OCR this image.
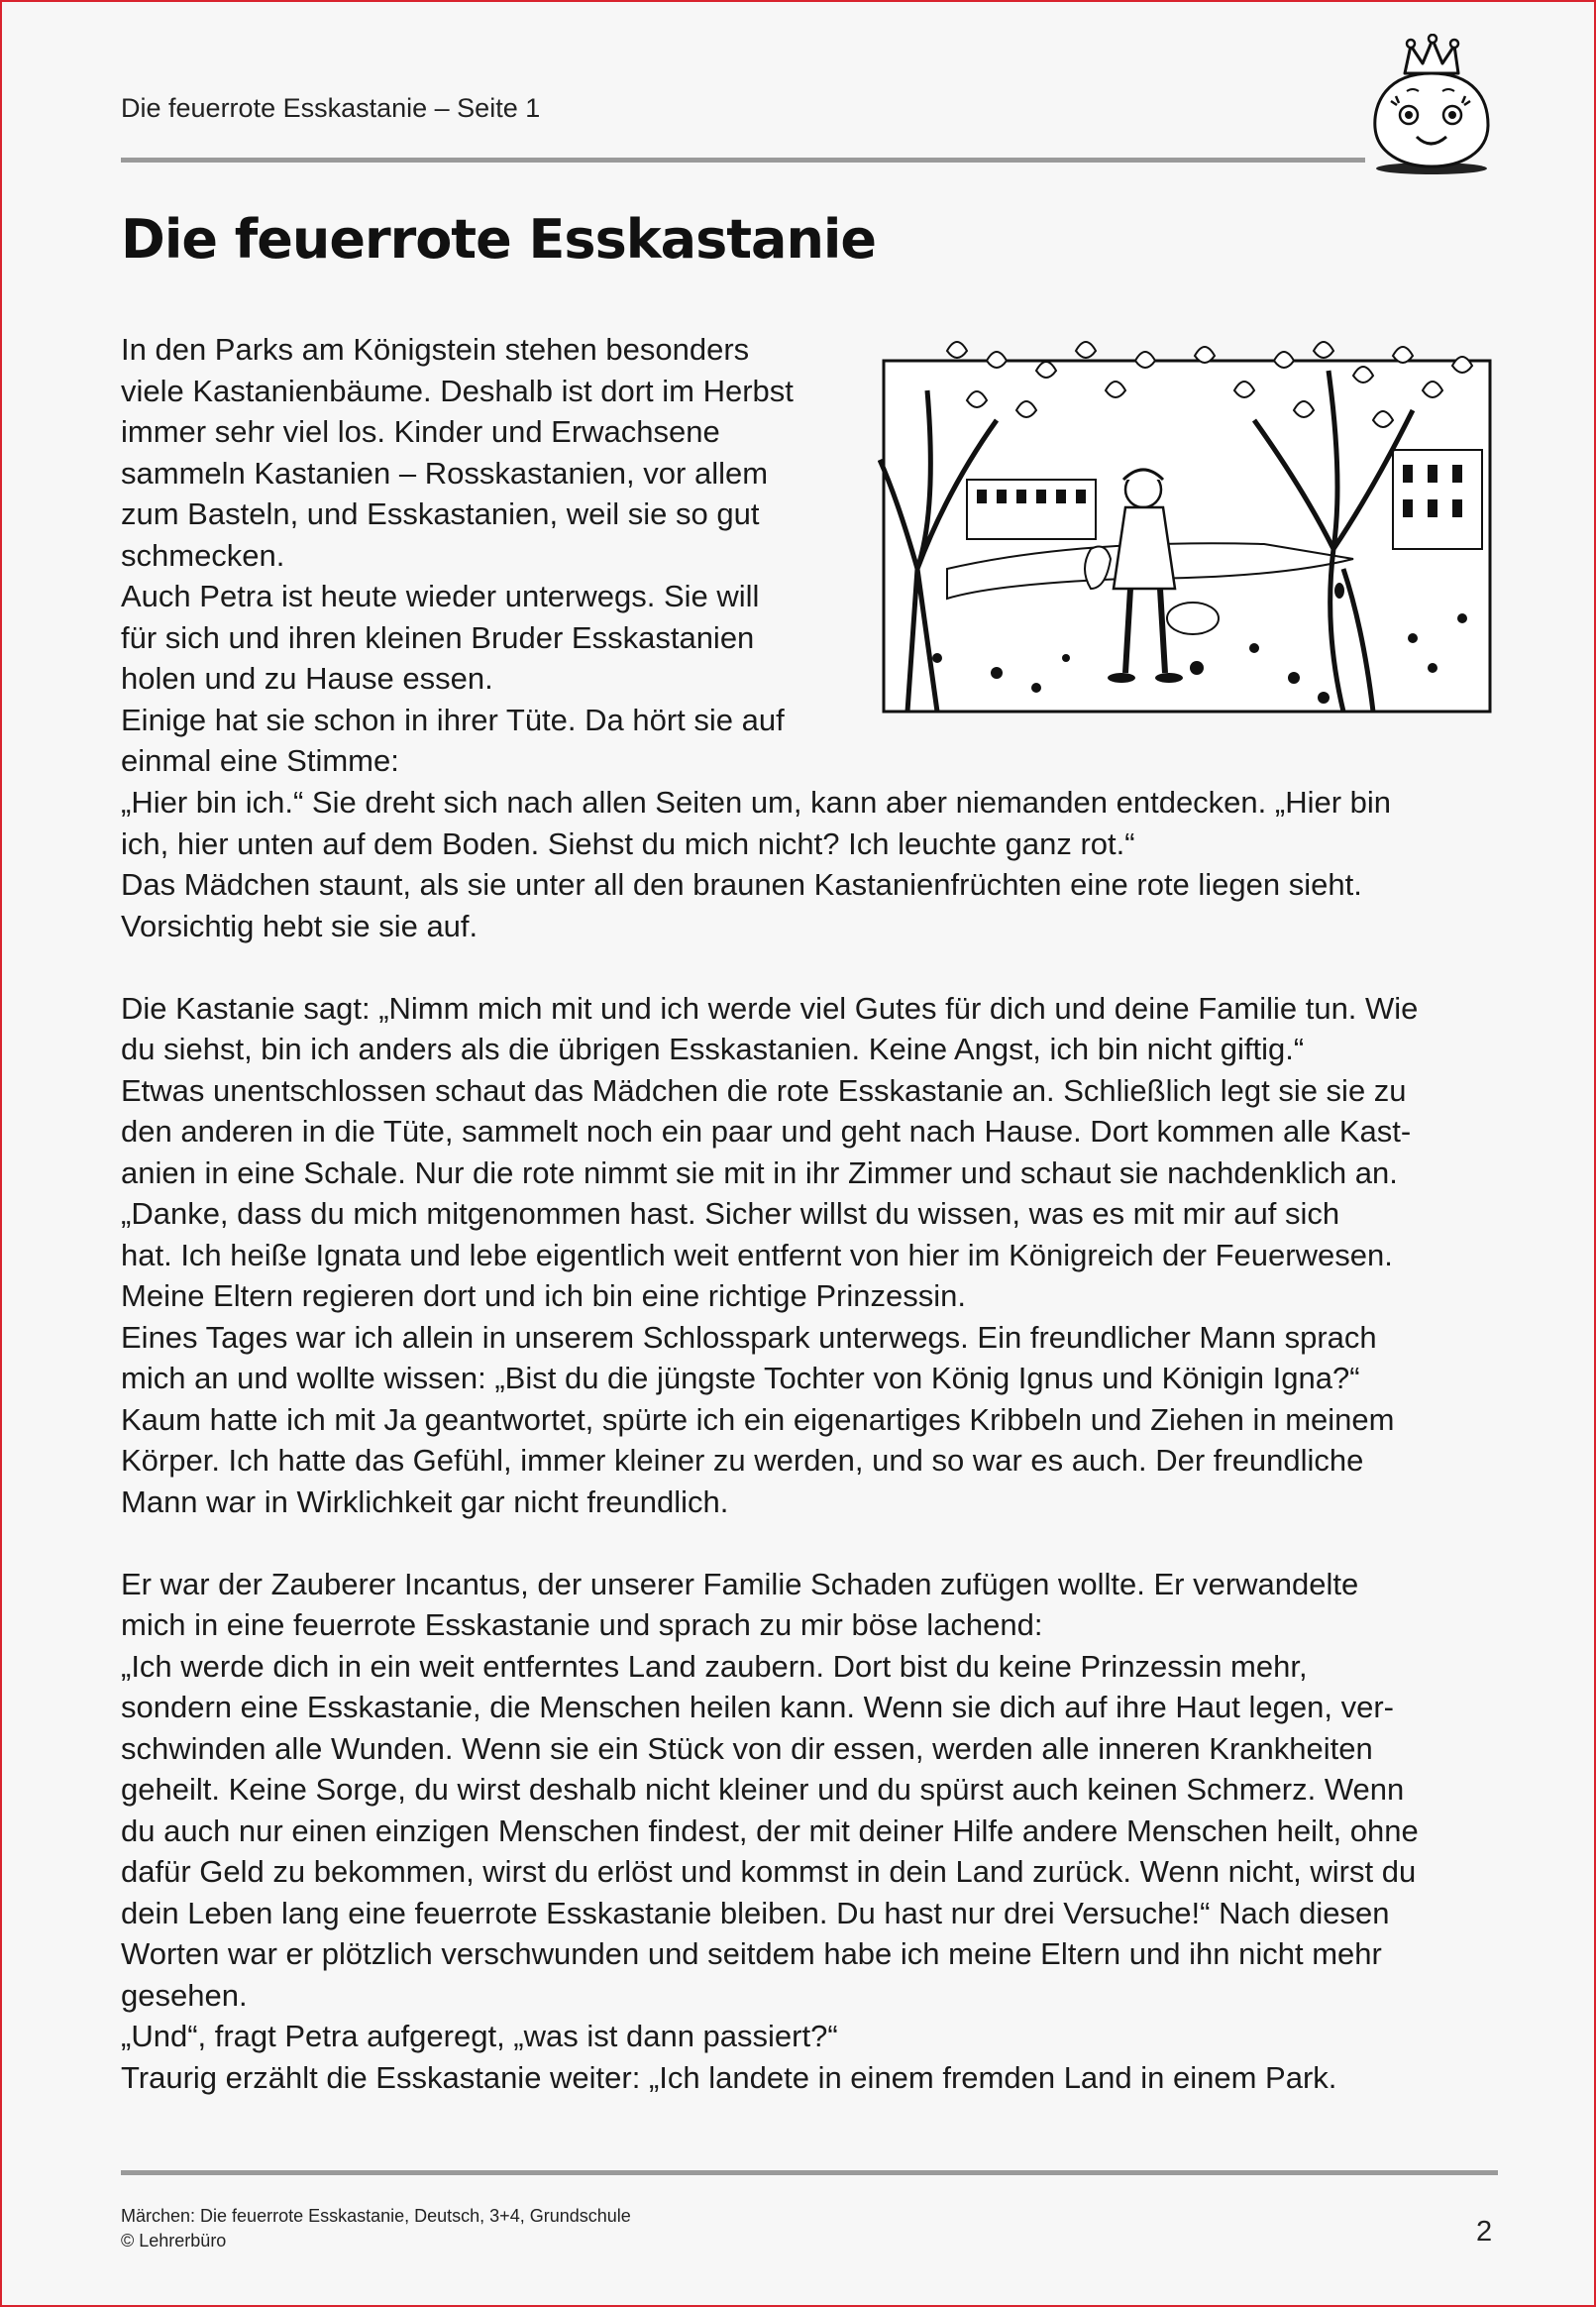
Die feuerrote Esskastanie – Seite 1
Die feuerrote Esskastanie

In den Parks am Königstein stehen besonders

viele Kastanienbäume. Deshalb ist dort im Herbst

immer sehr viel los. Kinder und Erwachsene

sammeln Kastanien – Rosskastanien, vor allem

zum Basteln, und Esskastanien, weil sie so gut

schmecken.

Auch Petra ist heute wieder unterwegs. Sie will

für sich und ihren kleinen Bruder Esskastanien

holen und zu Hause essen.

Einige hat sie schon in ihrer Tüte. Da hört sie auf

einmal eine Stimme:

„Hier bin ich.“ Sie dreht sich nach allen Seiten um, kann aber niemanden entdecken. „Hier bin

ich, hier unten auf dem Boden. Siehst du mich nicht? Ich leuchte ganz rot.“

Das Mädchen staunt, als sie unter all den braunen Kastanienfrüchten eine rote liegen sieht.

Vorsichtig hebt sie sie auf.

Die Kastanie sagt: „Nimm mich mit und ich werde viel Gutes für dich und deine Familie tun. Wie

du siehst, bin ich anders als die übrigen Esskastanien. Keine Angst, ich bin nicht giftig.“

Etwas unentschlossen schaut das Mädchen die rote Esskastanie an. Schließlich legt sie sie zu

den anderen in die Tüte, sammelt noch ein paar und geht nach Hause. Dort kommen alle Kast-

anien in eine Schale. Nur die rote nimmt sie mit in ihr Zimmer und schaut sie nachdenklich an.

„Danke, dass du mich mitgenommen hast. Sicher willst du wissen, was es mit mir auf sich

hat. Ich heiße Ignata und lebe eigentlich weit entfernt von hier im Königreich der Feuerwesen.

Meine Eltern regieren dort und ich bin eine richtige Prinzessin.

Eines Tages war ich allein in unserem Schlosspark unterwegs. Ein freundlicher Mann sprach

mich an und wollte wissen: „Bist du die jüngste Tochter von König Ignus und Königin Igna?“

Kaum hatte ich mit Ja geantwortet, spürte ich ein eigenartiges Kribbeln und Ziehen in meinem

Körper. Ich hatte das Gefühl, immer kleiner zu werden, und so war es auch. Der freundliche

Mann war in Wirklichkeit gar nicht freundlich.

Er war der Zauberer Incantus, der unserer Familie Schaden zufügen wollte. Er verwandelte

mich in eine feuerrote Esskastanie und sprach zu mir böse lachend:

„Ich werde dich in ein weit entferntes Land zaubern. Dort bist du keine Prinzessin mehr,

sondern eine Esskastanie, die Menschen heilen kann. Wenn sie dich auf ihre Haut legen, ver-

schwinden alle Wunden. Wenn sie ein Stück von dir essen, werden alle inneren Krankheiten

geheilt. Keine Sorge, du wirst deshalb nicht kleiner und du spürst auch keinen Schmerz. Wenn

du auch nur einen einzigen Menschen findest, der mit deiner Hilfe andere Menschen heilt, ohne

dafür Geld zu bekommen, wirst du erlöst und kommst in dein Land zurück. Wenn nicht, wirst du

dein Leben lang eine feuerrote Esskastanie bleiben. Du hast nur drei Versuche!“ Nach diesen

Worten war er plötzlich verschwunden und seitdem habe ich meine Eltern und ihn nicht mehr

gesehen.

„Und“, fragt Petra aufgeregt, „was ist dann passiert?“

Traurig erzählt die Esskastanie weiter: „Ich landete in einem fremden Land in einem Park.

Märchen: Die feuerrote Esskastanie, Deutsch, 3+4, Grundschule
© Lehrerbüro	2
